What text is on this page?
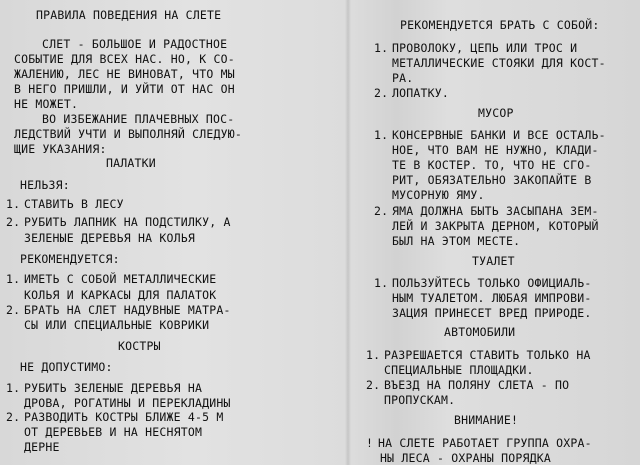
ПРАВИЛА ПОВЕДЕНИЯ НА СЛЕТЕ
СЛЕТ - БОЛЬШОЕ И РАДОСТНОЕ
СОБЫТИЕ ДЛЯ ВСЕХ НАС. НО, К СО-
ЖАЛЕНИЮ, ЛЕС НЕ ВИНОВАТ, ЧТО МЫ
В НЕГО ПРИШЛИ, И УЙТИ ОТ НАС ОН
НЕ МОЖЕТ.
ВО ИЗБЕЖАНИЕ ПЛАЧЕВНЫХ ПОС-
ЛЕДСТВИЙ УЧТИ И ВЫПОЛНЯЙ СЛЕДУЮ-
ЩИЕ УКАЗАНИЯ:
ПАЛАТКИ
НЕЛЬЗЯ:
1. СТАВИТЬ В ЛЕСУ
2. РУБИТЬ ЛАПНИК НА ПОДСТИЛКУ, А
ЗЕЛЕНЫЕ ДЕРЕВЬЯ НА КОЛЬЯ
РЕКОМЕНДУЕТСЯ:
1. ИМЕТЬ С СОБОЙ МЕТАЛЛИЧЕСКИЕ
КОЛЬЯ И КАРКАСЫ ДЛЯ ПАЛАТОК
2. БРАТЬ НА СЛЕТ НАДУВНЫЕ МАТРА-
СЫ ИЛИ СПЕЦИАЛЬНЫЕ КОВРИКИ
КОСТРЫ
НЕ ДОПУСТИМО:
1. РУБИТЬ ЗЕЛЕНЫЕ ДЕРЕВЬЯ НА
ДРОВА, РОГАТИНЫ И ПЕРЕКЛАДИНЫ
2. РАЗВОДИТЬ КОСТРЫ БЛИЖЕ 4-5 М
ОТ ДЕРЕВЬЕВ И НА НЕСНЯТОМ
ДЕРНЕ
РЕКОМЕНДУЕТСЯ БРАТЬ С СОБОЙ:
1. ПРОВОЛОКУ, ЦЕПЬ ИЛИ ТРОС И
МЕТАЛЛИЧЕСКИЕ СТОЯКИ ДЛЯ КОСТ-
РА.
2. ЛОПАТКУ.
МУСОР
1. КОНСЕРВНЫЕ БАНКИ И ВСЕ ОСТАЛЬ-
НОЕ, ЧТО ВАМ НЕ НУЖНО, КЛАДИ-
ТЕ В КОСТЕР. ТО, ЧТО НЕ СГО-
РИТ, ОБЯЗАТЕЛЬНО ЗАКОПАЙТЕ В
МУСОРНУЮ ЯМУ.
2. ЯМА ДОЛЖНА БЫТЬ ЗАСЫПАНА ЗЕМ-
ЛЕЙ И ЗАКРЫТА ДЕРНОМ, КОТОРЫЙ
БЫЛ НА ЭТОМ МЕСТЕ.
ТУАЛЕТ
1. ПОЛЬЗУЙТЕСЬ ТОЛЬКО ОФИЦИАЛЬ-
НЫМ ТУАЛЕТОМ. ЛЮБАЯ ИМПРОВИ-
ЗАЦИЯ ПРИНЕСЕТ ВРЕД ПРИРОДЕ.
АВТОМОБИЛИ
1. РАЗРЕШАЕТСЯ СТАВИТЬ ТОЛЬКО НА
СПЕЦИАЛЬНЫЕ ПЛОЩАДКИ.
2. ВЪЕЗД НА ПОЛЯНУ СЛЕТА - ПО
ПРОПУСКАМ.
ВНИМАНИЕ!
! НА СЛЕТЕ РАБОТАЕТ ГРУППА ОХРА-
НЫ ЛЕСА - ОХРАНЫ ПОРЯДКА
